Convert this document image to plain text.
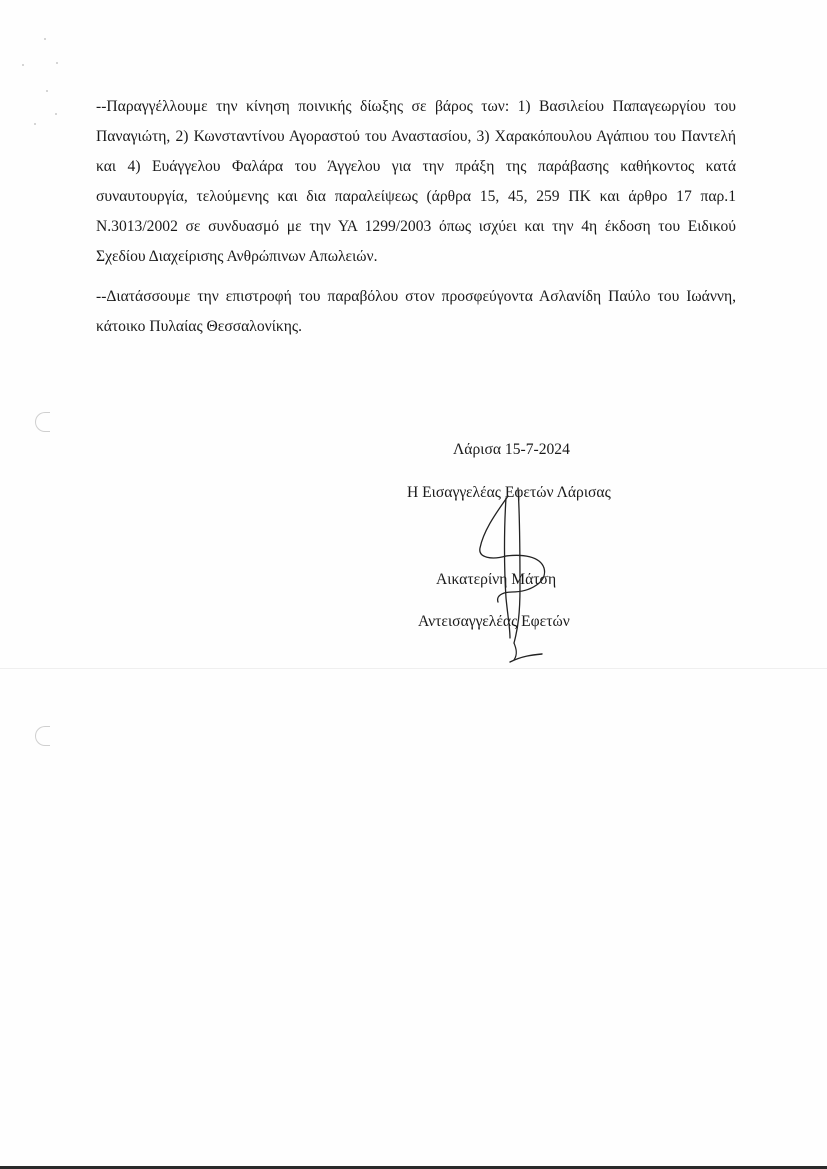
--Παραγγέλλουμε την κίνηση ποινικής δίωξης σε βάρος των: 1) Βασιλείου Παπαγεωργίου του Παναγιώτη, 2) Κωνσταντίνου Αγοραστού του Αναστασίου, 3) Χαρακόπουλου Αγάπιου του Παντελή και 4) Ευάγγελου Φαλάρα του Άγγελου για την πράξη της παράβασης καθήκοντος κατά συναυτουργία, τελούμενης και δια παραλείψεως (άρθρα 15, 45, 259 ΠΚ και άρθρο 17 παρ.1 Ν.3013/2002 σε συνδυασμό με την ΥΑ 1299/2003 όπως ισχύει και την 4η έκδοση του Ειδικού Σχεδίου Διαχείρισης Ανθρώπινων Απωλειών.

--Διατάσσουμε την επιστροφή του παραβόλου στον προσφεύγοντα Ασλανίδη Παύλο του Ιωάννη, κάτοικο Πυλαίας Θεσσαλονίκης.

Λάρισα 15-7-2024

Η Εισαγγελέας Εφετών Λάρισας

Αικατερίνη Μάτση

Αντεισαγγελέας Εφετών
